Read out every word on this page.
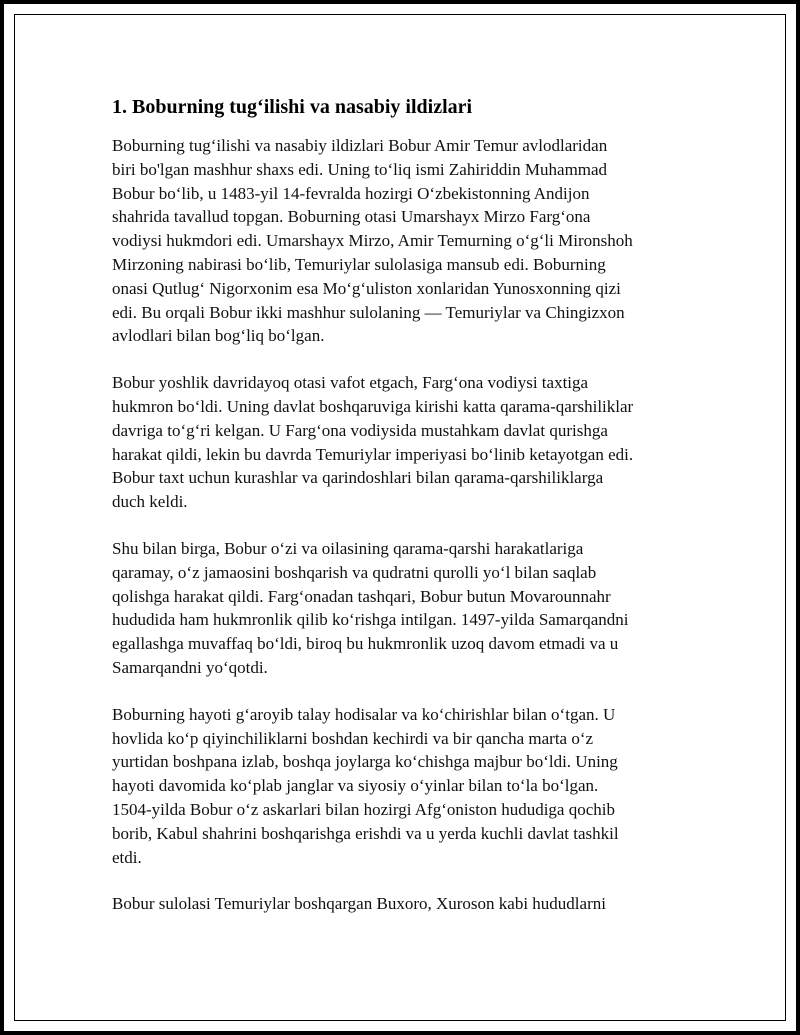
1. Boburning tug‘ilishi va nasabiy ildizlari

Boburning tug‘ilishi va nasabiy ildizlari Bobur Amir Temur avlodlaridan
biri bo'lgan mashhur shaxs edi. Uning to‘liq ismi Zahiriddin Muhammad
Bobur bo‘lib, u 1483-yil 14-fevralda hozirgi O‘zbekistonning Andijon
shahrida tavallud topgan. Boburning otasi Umarshayx Mirzo Farg‘ona
vodiysi hukmdori edi. Umarshayx Mirzo, Amir Temurning o‘g‘li Mironshoh
Mirzoning nabirasi bo‘lib, Temuriylar sulolasiga mansub edi. Boburning
onasi Qutlug‘ Nigorxonim esa Mo‘g‘uliston xonlaridan Yunosxonning qizi
edi. Bu orqali Bobur ikki mashhur sulolaning — Temuriylar va Chingizxon
avlodlari bilan bog‘liq bo‘lgan.

Bobur yoshlik davridayoq otasi vafot etgach, Farg‘ona vodiysi taxtiga
hukmron bo‘ldi. Uning davlat boshqaruviga kirishi katta qarama-qarshiliklar
davriga to‘g‘ri kelgan. U Farg‘ona vodiysida mustahkam davlat qurishga
harakat qildi, lekin bu davrda Temuriylar imperiyasi bo‘linib ketayotgan edi.
Bobur taxt uchun kurashlar va qarindoshlari bilan qarama-qarshiliklarga
duch keldi.

Shu bilan birga, Bobur o‘zi va oilasining qarama-qarshi harakatlariga
qaramay, o‘z jamaosini boshqarish va qudratni qurolli yo‘l bilan saqlab
qolishga harakat qildi. Farg‘onadan tashqari, Bobur butun Movarounnahr
hududida ham hukmronlik qilib ko‘rishga intilgan. 1497-yilda Samarqandni
egallashga muvaffaq bo‘ldi, biroq bu hukmronlik uzoq davom etmadi va u
Samarqandni yo‘qotdi.

Boburning hayoti g‘aroyib talay hodisalar va ko‘chirishlar bilan o‘tgan. U
hovlida ko‘p qiyinchiliklarni boshdan kechirdi va bir qancha marta o‘z
yurtidan boshpana izlab, boshqa joylarga ko‘chishga majbur bo‘ldi. Uning
hayoti davomida ko‘plab janglar va siyosiy o‘yinlar bilan to‘la bo‘lgan.
1504-yilda Bobur o‘z askarlari bilan hozirgi Afg‘oniston hududiga qochib
borib, Kabul shahrini boshqarishga erishdi va u yerda kuchli davlat tashkil
etdi.

Bobur sulolasi Temuriylar boshqargan Buxoro, Xuroson kabi hududlarni
